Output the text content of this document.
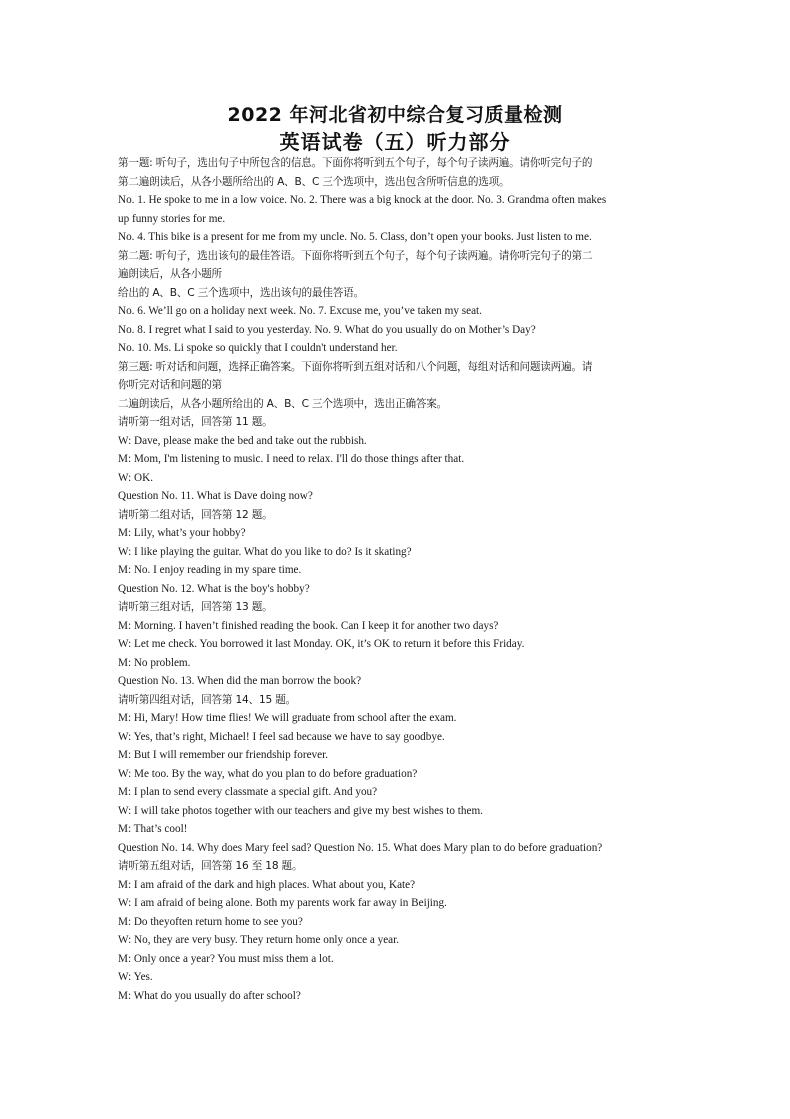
2022 年河北省初中综合复习质量检测
英语试卷（五）听力部分
第一题: 听句子，选出句子中所包含的信息。下面你将听到五个句子，每个句子读两遍。请你听完句子的
第二遍朗读后，从各小题所给出的 A、B、C 三个选项中，选出包含所听信息的选项。
No. 1. He spoke to me in a low voice. No. 2. There was a big knock at the door. No. 3. Grandma often makes
up funny stories for me.
No. 4. This bike is a present for me from my uncle. No. 5. Class, don’t open your books. Just listen to me.
第二题: 听句子，选出该句的最佳答语。下面你将听到五个句子，每个句子读两遍。请你听完句子的第二
遍朗读后，从各小题所
给出的 A、B、C 三个选项中，选出该句的最佳答语。
No. 6. We’ll go on a holiday next week. No. 7. Excuse me, you’ve taken my seat.
No. 8. I regret what I said to you yesterday. No. 9. What do you usually do on Mother’s Day?
No. 10. Ms. Li spoke so quickly that I couldn't understand her.
第三题: 听对话和问题，选择正确答案。下面你将听到五组对话和八个问题，每组对话和问题读两遍。请
你听完对话和问题的第
二遍朗读后，从各小题所给出的 A、B、C 三个选项中，选出正确答案。
请听第一组对话，回答第 11 题。
W: Dave, please make the bed and take out the rubbish.
M: Mom, I'm listening to music. I need to relax. I'll do those things after that.
W: OK.
Question No. 11. What is Dave doing now?
请听第二组对话，回答第 12 题。
M: Lily, what’s your hobby?
W: I like playing the guitar. What do you like to do? Is it skating?
M: No. I enjoy reading in my spare time.
Question No. 12. What is the boy's hobby?
请听第三组对话，回答第 13 题。
M: Morning. I haven’t finished reading the book. Can I keep it for another two days?
W: Let me check. You borrowed it last Monday. OK, it’s OK to return it before this Friday.
M: No problem.
Question No. 13. When did the man borrow the book?
请听第四组对话，回答第 14、15 题。
M: Hi, Mary! How time flies! We will graduate from school after the exam.
W: Yes, that’s right, Michael! I feel sad because we have to say goodbye.
M: But I will remember our friendship forever.
W: Me too. By the way, what do you plan to do before graduation?
M: I plan to send every classmate a special gift. And you?
W: I will take photos together with our teachers and give my best wishes to them.
M: That’s cool!
Question No. 14. Why does Mary feel sad? Question No. 15. What does Mary plan to do before graduation?
请听第五组对话，回答第 16 至 18 题。
M: I am afraid of the dark and high places. What about you, Kate?
W: I am afraid of being alone. Both my parents work far away in Beijing.
M: Do theyoften return home to see you?
W: No, they are very busy. They return home only once a year.
M: Only once a year? You must miss them a lot.
W: Yes.
M: What do you usually do after school?
